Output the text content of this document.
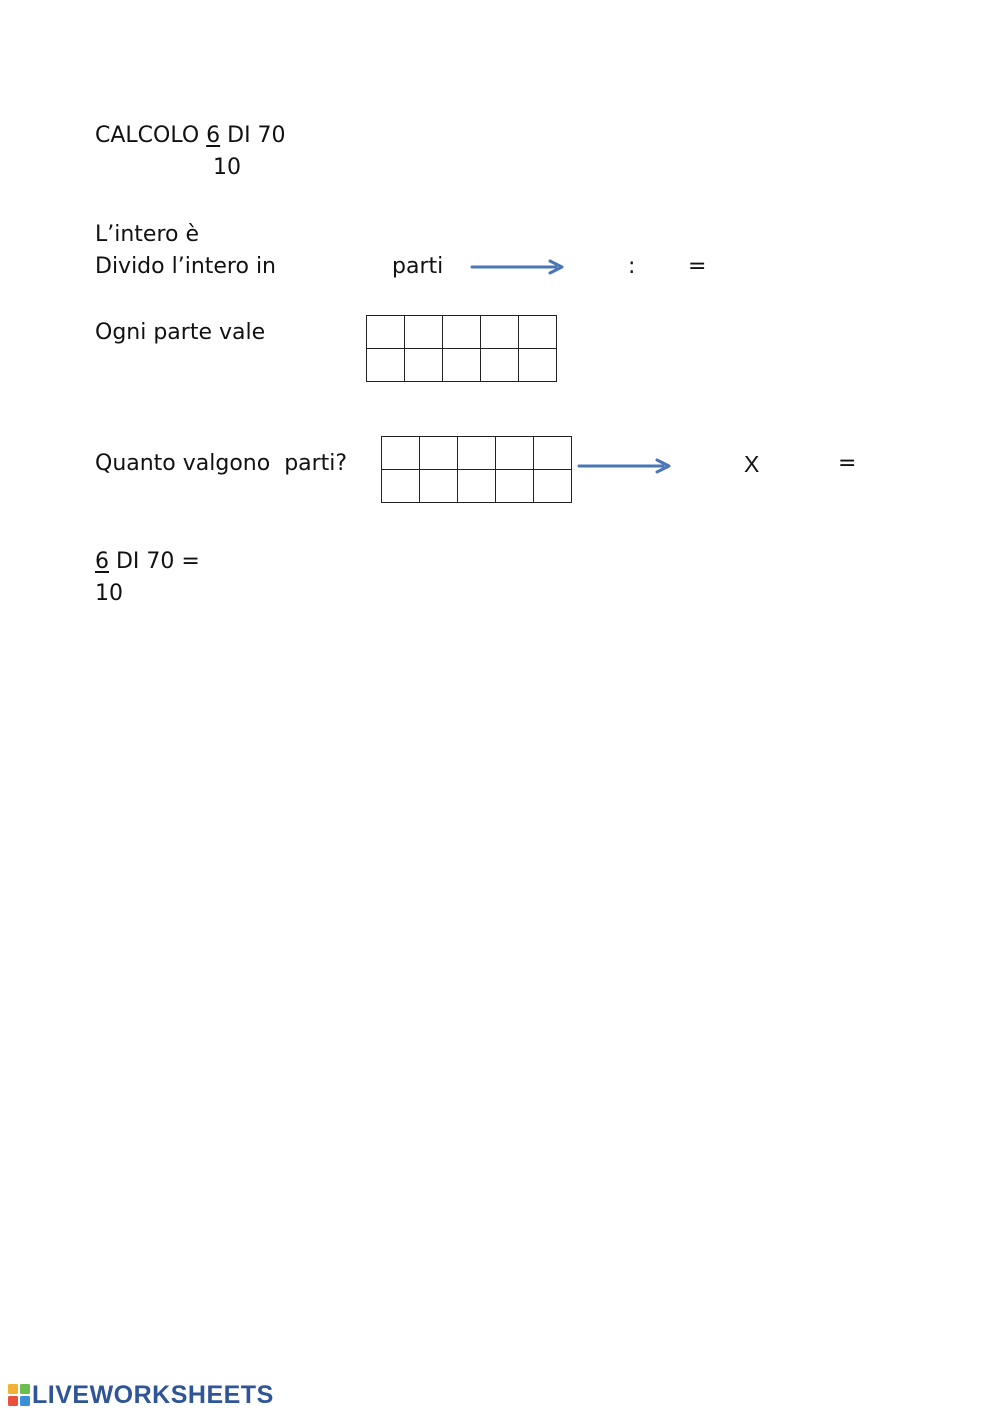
CALCOLO 6 DI 70
10
L’intero è
Divido l’intero in	parti	: =
Ogni parte vale
Quanto valgono  parti?	X	=
6 DI 70 =
10
LIVEWORKSHEETS
